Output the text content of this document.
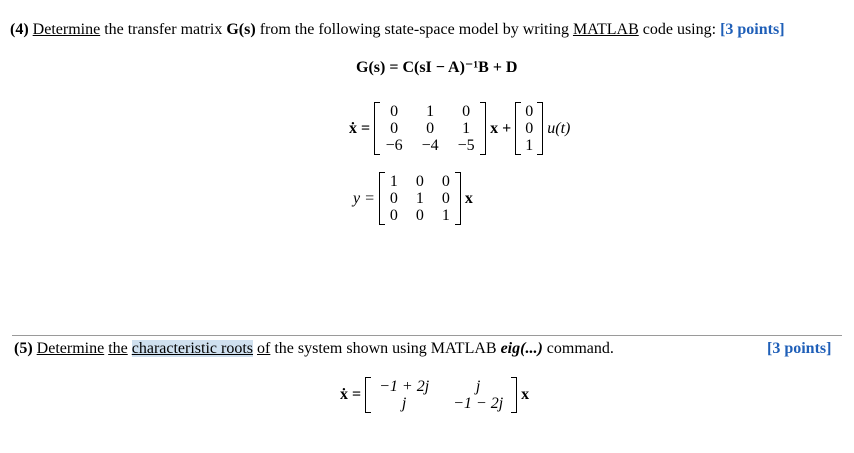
(4) Determine the transfer matrix G(s) from the following state-space model by writing MATLAB code using: [3 points]
G(s) = C(sI − A)⁻¹B + D
ẋ =
0	1	0
0	0	1
−6 −4 −5
x +
0
0
1
u(t)
y =
1 0 0
0 1 0
0 0 1
x
(5) Determine the characteristic roots of the system shown using MATLAB eig(...) command.	[3 points]
ẋ =	−1 + 2j	j
j	−1 − 2j
x
